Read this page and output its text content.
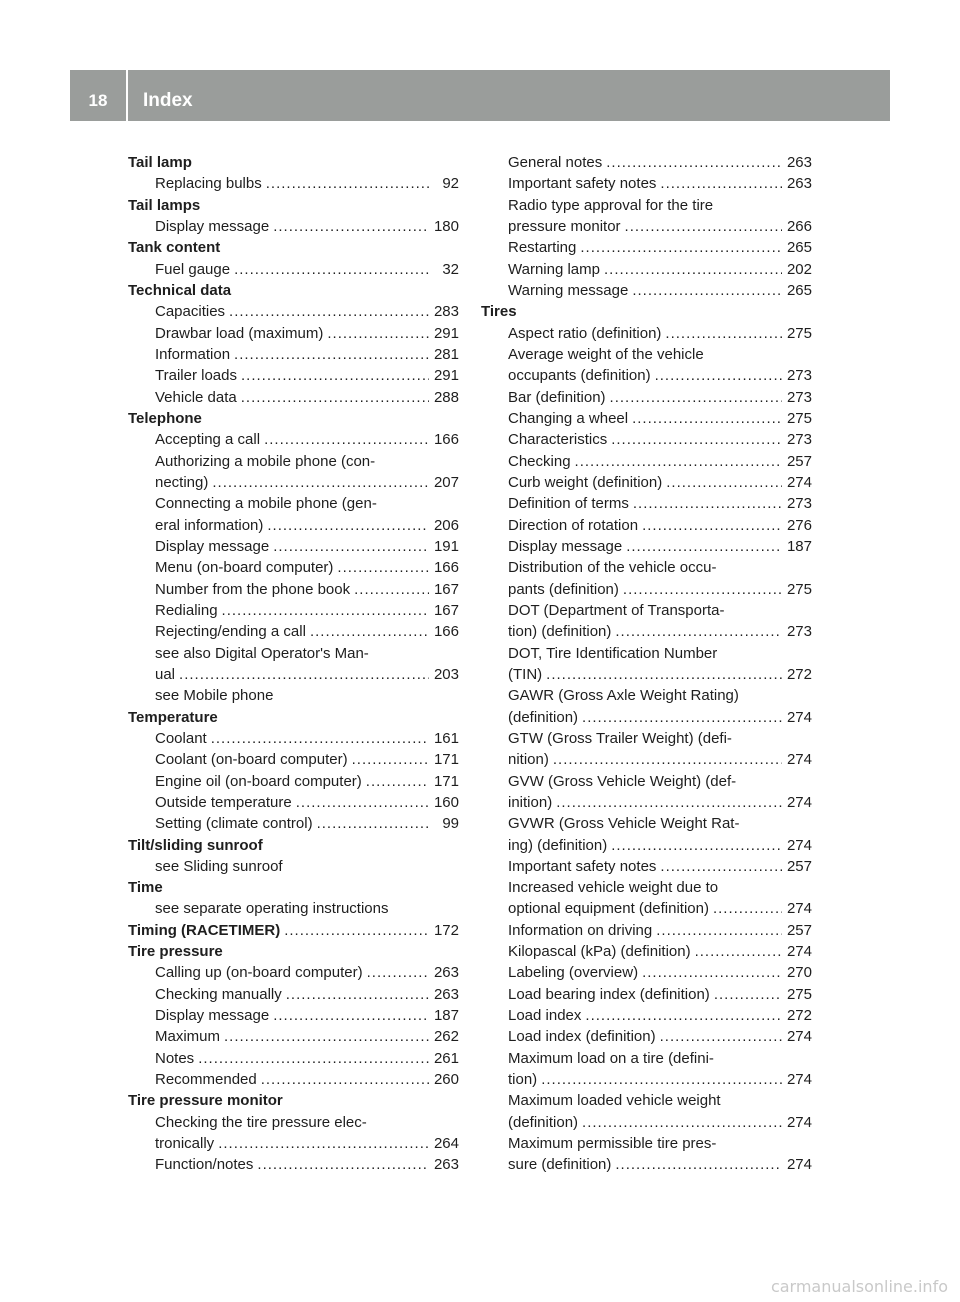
18	Index
Tail lamp
Replacing bulbs .....	92
Tail lamps
Display message .....	180
Tank content
Fuel gauge .....	32
Technical data
Capacities .....	283
Drawbar load (maximum) .....	291
Information .....	281
Trailer loads .....	291
Vehicle data .....	288
Telephone
Accepting a call .....	166
Authorizing a mobile phone (con-
necting) .....	207
Connecting a mobile phone (gen-
eral information) .....	206
Display message .....	191
Menu (on-board computer) .....	166
Number from the phone book .....	167
Redialing .....	167
Rejecting/ending a call .....	166
see also Digital Operator's Man-
ual .....	203
see Mobile phone
Temperature
Coolant .....	161
Coolant (on-board computer) .....	171
Engine oil (on-board computer) .....	171
Outside temperature .....	160
Setting (climate control) .....	99
Tilt/sliding sunroof
see Sliding sunroof
Time
see separate operating instructions
Timing (RACETIMER) .....	172
Tire pressure
Calling up (on-board computer) .....	263
Checking manually .....	263
Display message .....	187
Maximum .....	262
Notes .....	261
Recommended .....	260
Tire pressure monitor
Checking the tire pressure elec-
tronically .....	264
Function/notes .....	263
General notes .....	263
Important safety notes .....	263
Radio type approval for the tire
pressure monitor .....	266
Restarting .....	265
Warning lamp .....	202
Warning message .....	265
Tires
Aspect ratio (definition) .....	275
Average weight of the vehicle
occupants (definition) .....	273
Bar (definition) .....	273
Changing a wheel .....	275
Characteristics .....	273
Checking .....	257
Curb weight (definition) .....	274
Definition of terms .....	273
Direction of rotation .....	276
Display message .....	187
Distribution of the vehicle occu-
pants (definition) .....	275
DOT (Department of Transporta-
tion) (definition) .....	273
DOT, Tire Identification Number
(TIN) .....	272
GAWR (Gross Axle Weight Rating)
(definition) .....	274
GTW (Gross Trailer Weight) (defi-
nition) .....	274
GVW (Gross Vehicle Weight) (def-
inition) .....	274
GVWR (Gross Vehicle Weight Rat-
ing) (definition) .....	274
Important safety notes .....	257
Increased vehicle weight due to
optional equipment (definition) .....	274
Information on driving .....	257
Kilopascal (kPa) (definition) .....	274
Labeling (overview) .....	270
Load bearing index (definition) .....	275
Load index .....	272
Load index (definition) .....	274
Maximum load on a tire (defini-
tion) .....	274
Maximum loaded vehicle weight
(definition) .....	274
Maximum permissible tire pres-
sure (definition) .....	274
carmanualsonline.info
